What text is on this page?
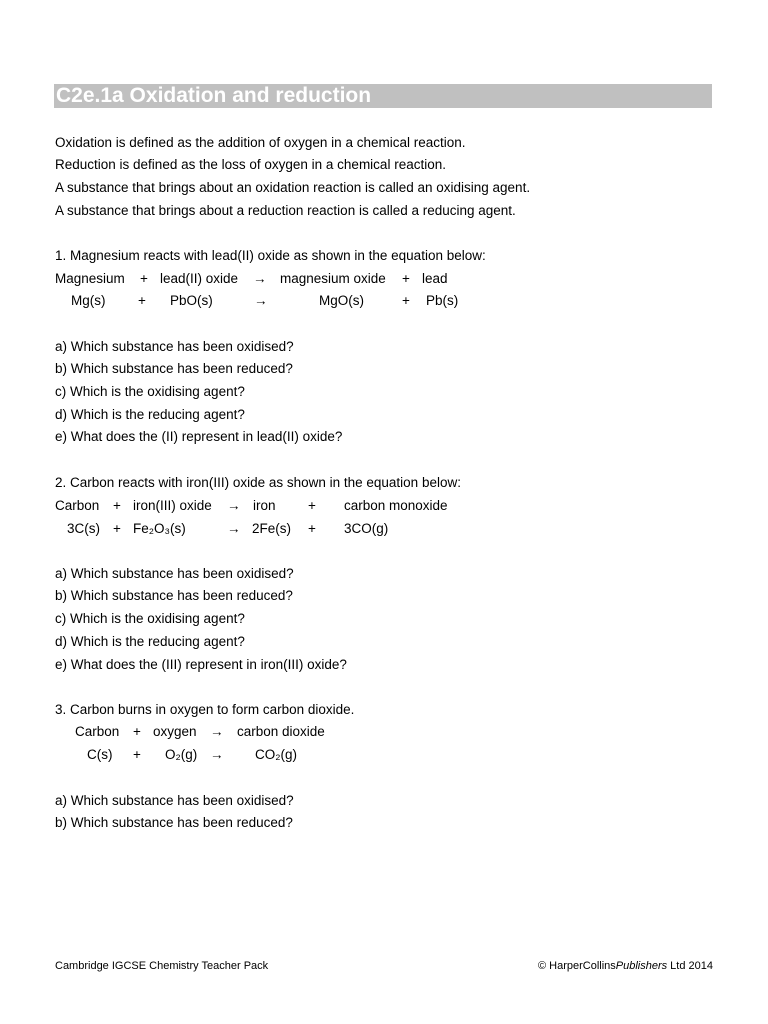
C2e.1a Oxidation and reduction
Oxidation is defined as the addition of oxygen in a chemical reaction.
Reduction is defined as the loss of oxygen in a chemical reaction.
A substance that brings about an oxidation reaction is called an oxidising agent.
A substance that brings about a reduction reaction is called a reducing agent.
1. Magnesium reacts with lead(II) oxide as shown in the equation below:
Magnesium + lead(II) oxide → magnesium oxide + lead
Mg(s) + PbO(s)	→	MgO(s)	+ Pb(s)
a) Which substance has been oxidised?
b) Which substance has been reduced?
c) Which is the oxidising agent?
d) Which is the reducing agent?
e) What does the (II) represent in lead(II) oxide?
2. Carbon reacts with iron(III) oxide as shown in the equation below:
Carbon + iron(III) oxide → iron + carbon monoxide
3C(s) + Fe₂O₃(s)	→ 2Fe(s) + 3CO(g)
a) Which substance has been oxidised?
b) Which substance has been reduced?
c) Which is the oxidising agent?
d) Which is the reducing agent?
e) What does the (III) represent in iron(III) oxide?
3. Carbon burns in oxygen to form carbon dioxide.
Carbon + oxygen → carbon dioxide
C(s) + O₂(g) → CO₂(g)
a) Which substance has been oxidised?
b) Which substance has been reduced?
Cambridge IGCSE Chemistry Teacher Pack	© HarperCollinsPublishers Ltd 2014
